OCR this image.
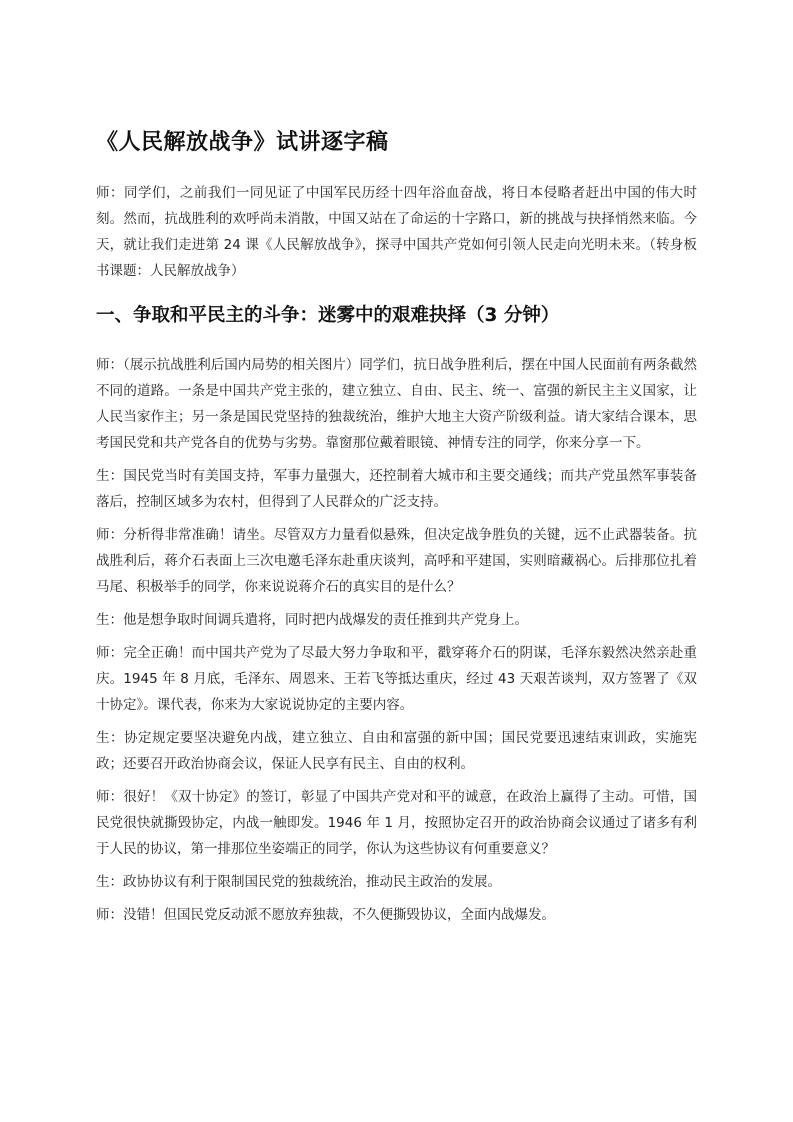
《人民解放战争》试讲逐字稿

师：同学们，之前我们一同见证了中国军民历经十四年浴血奋战，将日本侵略者赶出中国的伟大时刻。然而，抗战胜利的欢呼尚未消散，中国又站在了命运的十字路口，新的挑战与抉择悄然来临。今天，就让我们走进第 24 课《人民解放战争》，探寻中国共产党如何引领人民走向光明未来。（转身板书课题：人民解放战争）

一、争取和平民主的斗争：迷雾中的艰难抉择（3 分钟）

师：（展示抗战胜利后国内局势的相关图片）同学们，抗日战争胜利后，摆在中国人民面前有两条截然不同的道路。一条是中国共产党主张的，建立独立、自由、民主、统一、富强的新民主主义国家，让人民当家作主；另一条是国民党坚持的独裁统治，维护大地主大资产阶级利益。请大家结合课本，思考国民党和共产党各自的优势与劣势。靠窗那位戴着眼镜、神情专注的同学，你来分享一下。

生：国民党当时有美国支持，军事力量强大，还控制着大城市和主要交通线；而共产党虽然军事装备落后，控制区域多为农村，但得到了人民群众的广泛支持。

师：分析得非常准确！请坐。尽管双方力量看似悬殊，但决定战争胜负的关键，远不止武器装备。抗战胜利后，蒋介石表面上三次电邀毛泽东赴重庆谈判，高呼和平建国，实则暗藏祸心。后排那位扎着马尾、积极举手的同学，你来说说蒋介石的真实目的是什么？

生：他是想争取时间调兵遣将，同时把内战爆发的责任推到共产党身上。

师：完全正确！而中国共产党为了尽最大努力争取和平，戳穿蒋介石的阴谋，毛泽东毅然决然亲赴重庆。1945 年 8 月底，毛泽东、周恩来、王若飞等抵达重庆，经过 43 天艰苦谈判，双方签署了《双十协定》。课代表，你来为大家说说协定的主要内容。

生：协定规定要坚决避免内战，建立独立、自由和富强的新中国；国民党要迅速结束训政，实施宪政；还要召开政治协商会议，保证人民享有民主、自由的权利。

师：很好！《双十协定》的签订，彰显了中国共产党对和平的诚意，在政治上赢得了主动。可惜，国民党很快就撕毁协定，内战一触即发。1946 年 1 月，按照协定召开的政治协商会议通过了诸多有利于人民的协议，第一排那位坐姿端正的同学，你认为这些协议有何重要意义？

生：政协协议有利于限制国民党的独裁统治，推动民主政治的发展。

师：没错！但国民党反动派不愿放弃独裁，不久便撕毁协议，全面内战爆发。
